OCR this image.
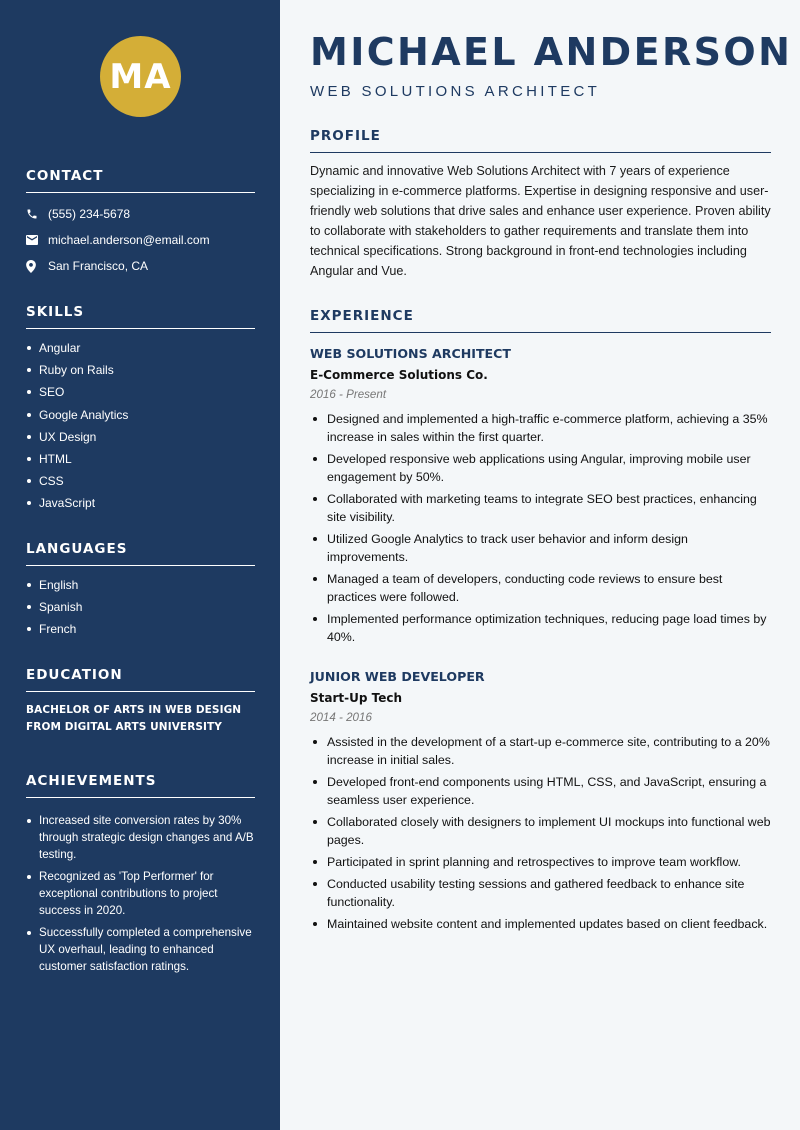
MA
CONTACT
(555) 234-5678
michael.anderson@email.com
San Francisco, CA
SKILLS
Angular
Ruby on Rails
SEO
Google Analytics
UX Design
HTML
CSS
JavaScript
LANGUAGES
English
Spanish
French
EDUCATION
BACHELOR OF ARTS IN WEB DESIGN FROM DIGITAL ARTS UNIVERSITY
ACHIEVEMENTS
Increased site conversion rates by 30% through strategic design changes and A/B testing.
Recognized as 'Top Performer' for exceptional contributions to project success in 2020.
Successfully completed a comprehensive UX overhaul, leading to enhanced customer satisfaction ratings.
MICHAEL ANDERSON
WEB SOLUTIONS ARCHITECT
PROFILE
Dynamic and innovative Web Solutions Architect with 7 years of experience specializing in e-commerce platforms. Expertise in designing responsive and user-friendly web solutions that drive sales and enhance user experience. Proven ability to collaborate with stakeholders to gather requirements and translate them into technical specifications. Strong background in front-end technologies including Angular and Vue.
EXPERIENCE
WEB SOLUTIONS ARCHITECT
E-Commerce Solutions Co.
2016 - Present
Designed and implemented a high-traffic e-commerce platform, achieving a 35% increase in sales within the first quarter.
Developed responsive web applications using Angular, improving mobile user engagement by 50%.
Collaborated with marketing teams to integrate SEO best practices, enhancing site visibility.
Utilized Google Analytics to track user behavior and inform design improvements.
Managed a team of developers, conducting code reviews to ensure best practices were followed.
Implemented performance optimization techniques, reducing page load times by 40%.
JUNIOR WEB DEVELOPER
Start-Up Tech
2014 - 2016
Assisted in the development of a start-up e-commerce site, contributing to a 20% increase in initial sales.
Developed front-end components using HTML, CSS, and JavaScript, ensuring a seamless user experience.
Collaborated closely with designers to implement UI mockups into functional web pages.
Participated in sprint planning and retrospectives to improve team workflow.
Conducted usability testing sessions and gathered feedback to enhance site functionality.
Maintained website content and implemented updates based on client feedback.
